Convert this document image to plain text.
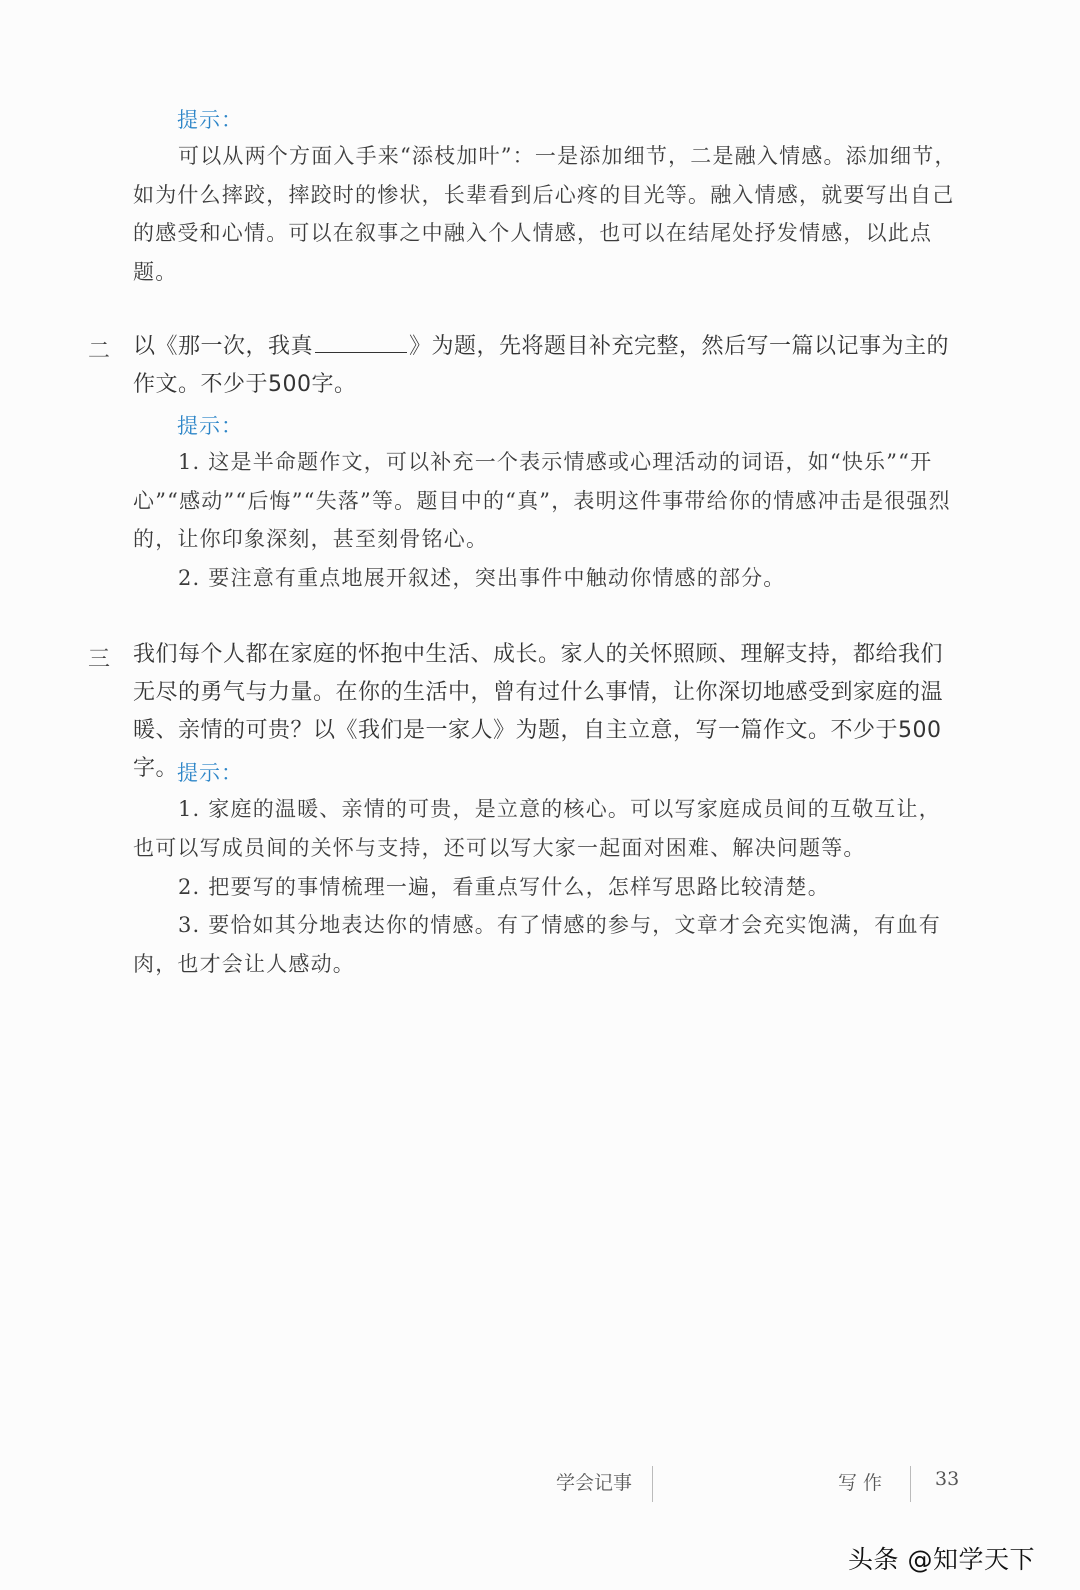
提示：
可以从两个方面入手来“添枝加叶”：一是添加细节，二是融入情感。添加细节，如为什么摔跤，摔跤时的惨状，长辈看到后心疼的目光等。融入情感，就要写出自己的感受和心情。可以在叙事之中融入个人情感，也可以在结尾处抒发情感，以此点题。
二 以《那一次，我真	》为题，先将题目补充完整，然后写一篇以记事为主的作文。不少于500字。
提示：
1. 这是半命题作文，可以补充一个表示情感或心理活动的词语，如“快乐”“开心”“感动”“后悔”“失落”等。题目中的“真”，表明这件事带给你的情感冲击是很强烈的，让你印象深刻，甚至刻骨铭心。
2. 要注意有重点地展开叙述，突出事件中触动你情感的部分。
三 我们每个人都在家庭的怀抱中生活、成长。家人的关怀照顾、理解支持，都给我们无尽的勇气与力量。在你的生活中，曾有过什么事情，让你深切地感受到家庭的温暖、亲情的可贵？以《我们是一家人》为题，自主立意，写一篇作文。不少于500字。
提示：
1. 家庭的温暖、亲情的可贵，是立意的核心。可以写家庭成员间的互敬互让，也可以写成员间的关怀与支持，还可以写大家一起面对困难、解决问题等。
2. 把要写的事情梳理一遍，看重点写什么，怎样写思路比较清楚。
3. 要恰如其分地表达你的情感。有了情感的参与，文章才会充实饱满，有血有肉，也才会让人感动。
学会记事	写 作	33
头条 @知学天下
